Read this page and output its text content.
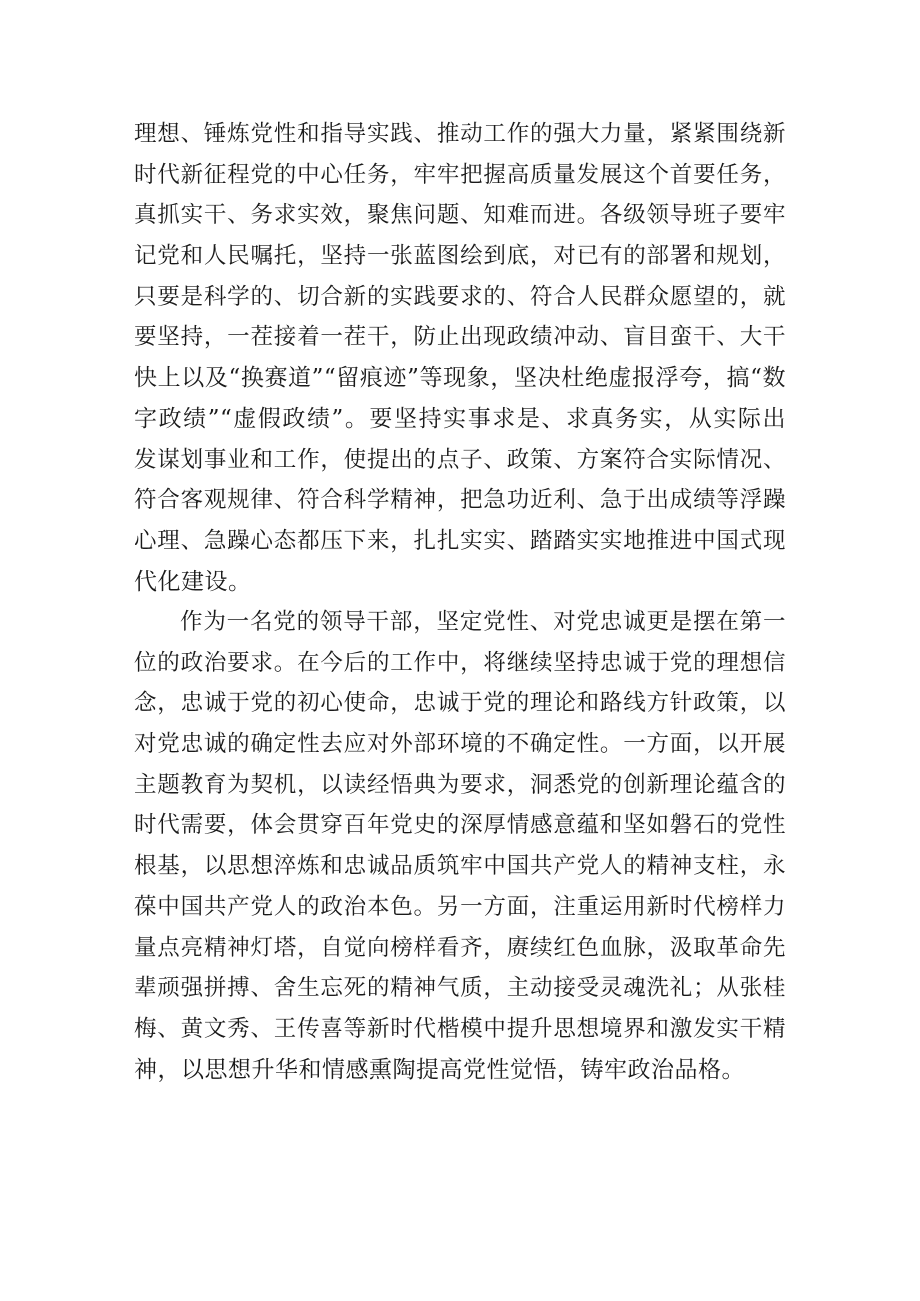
理想、锤炼党性和指导实践、推动工作的强大力量，紧紧围绕新
时代新征程党的中心任务，牢牢把握高质量发展这个首要任务，
真抓实干、务求实效，聚焦问题、知难而进。各级领导班子要牢
记党和人民嘱托，坚持一张蓝图绘到底，对已有的部署和规划，
只要是科学的、切合新的实践要求的、符合人民群众愿望的，就
要坚持，一茬接着一茬干，防止出现政绩冲动、盲目蛮干、大干
快上以及“换赛道”“留痕迹”等现象，坚决杜绝虚报浮夸，搞“数
字政绩”“虚假政绩”。要坚持实事求是、求真务实，从实际出
发谋划事业和工作，使提出的点子、政策、方案符合实际情况、
符合客观规律、符合科学精神，把急功近利、急于出成绩等浮躁
心理、急躁心态都压下来，扎扎实实、踏踏实实地推进中国式现
代化建设。
作为一名党的领导干部，坚定党性、对党忠诚更是摆在第一
位的政治要求。在今后的工作中，将继续坚持忠诚于党的理想信
念，忠诚于党的初心使命，忠诚于党的理论和路线方针政策，以
对党忠诚的确定性去应对外部环境的不确定性。一方面，以开展
主题教育为契机，以读经悟典为要求，洞悉党的创新理论蕴含的
时代需要，体会贯穿百年党史的深厚情感意蕴和坚如磐石的党性
根基，以思想淬炼和忠诚品质筑牢中国共产党人的精神支柱，永
葆中国共产党人的政治本色。另一方面，注重运用新时代榜样力
量点亮精神灯塔，自觉向榜样看齐，赓续红色血脉，汲取革命先
辈顽强拼搏、舍生忘死的精神气质，主动接受灵魂洗礼；从张桂
梅、黄文秀、王传喜等新时代楷模中提升思想境界和激发实干精
神，以思想升华和情感熏陶提高党性觉悟，铸牢政治品格。
